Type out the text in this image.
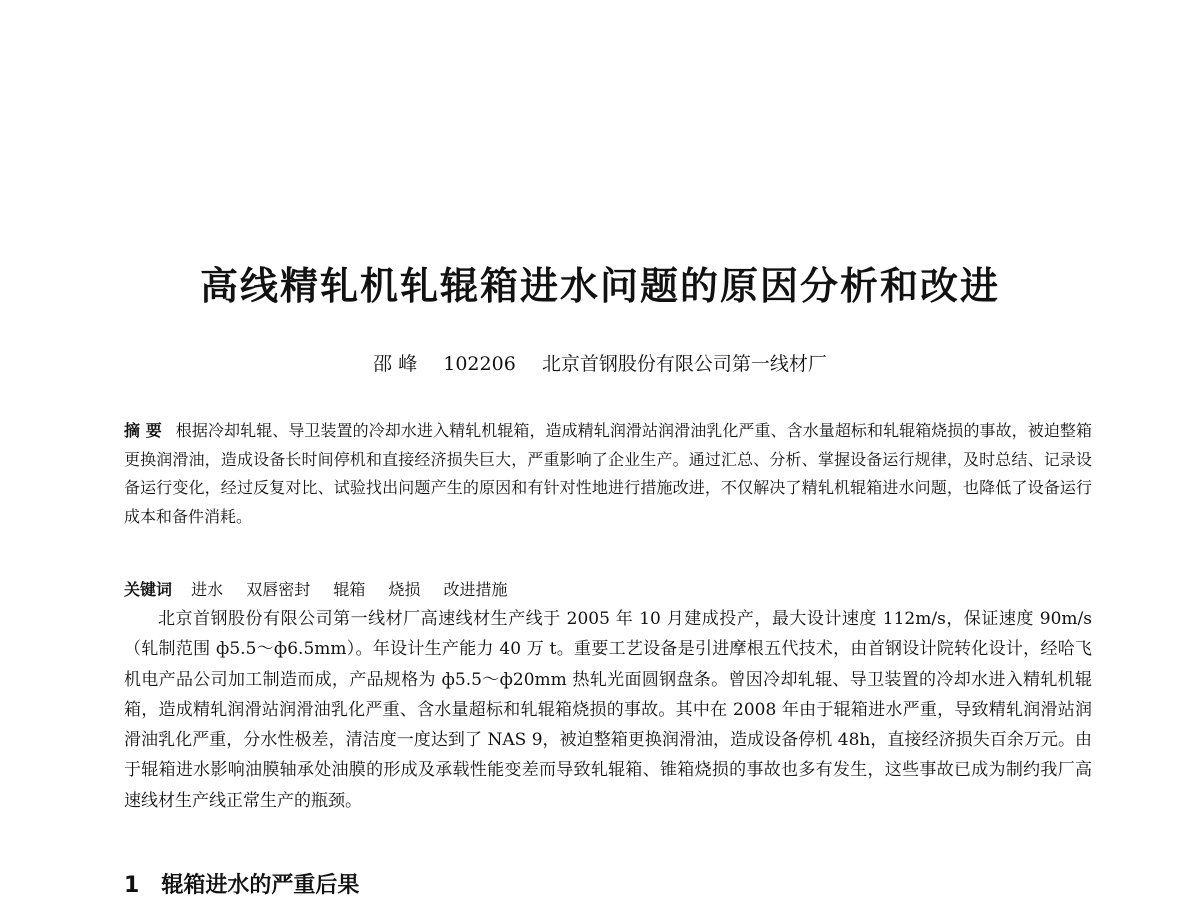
高线精轧机轧辊箱进水问题的原因分析和改进

邵 峰 102206 北京首钢股份有限公司第一线材厂

摘 要 根据冷却轧辊、导卫装置的冷却水进入精轧机辊箱，造成精轧润滑站润滑油乳化严重、含水量超标和轧辊箱烧损的事故，被迫整箱更换润滑油，造成设备长时间停机和直接经济损失巨大，严重影响了企业生产。通过汇总、分析、掌握设备运行规律，及时总结、记录设备运行变化，经过反复对比、试验找出问题产生的原因和有针对性地进行措施改进，不仅解决了精轧机辊箱进水问题，也降低了设备运行成本和备件消耗。

关键词 进水 双唇密封 辊箱 烧损 改进措施

北京首钢股份有限公司第一线材厂高速线材生产线于 2005 年 10 月建成投产，最大设计速度 112m/s，保证速度 90m/s（轧制范围 ф5.5～ф6.5mm）。年设计生产能力 40 万 t。重要工艺设备是引进摩根五代技术，由首钢设计院转化设计，经哈飞机电产品公司加工制造而成，产品规格为 ф5.5～ф20mm 热轧光面圆钢盘条。曾因冷却轧辊、导卫装置的冷却水进入精轧机辊箱，造成精轧润滑站润滑油乳化严重、含水量超标和轧辊箱烧损的事故。其中在 2008 年由于辊箱进水严重，导致精轧润滑站润滑油乳化严重，分水性极差，清洁度一度达到了 NAS 9，被迫整箱更换润滑油，造成设备停机 48h，直接经济损失百余万元。由于辊箱进水影响油膜轴承处油膜的形成及承载性能变差而导致轧辊箱、锥箱烧损的事故也多有发生，这些事故已成为制约我厂高速线材生产线正常生产的瓶颈。

1 辊箱进水的严重后果
